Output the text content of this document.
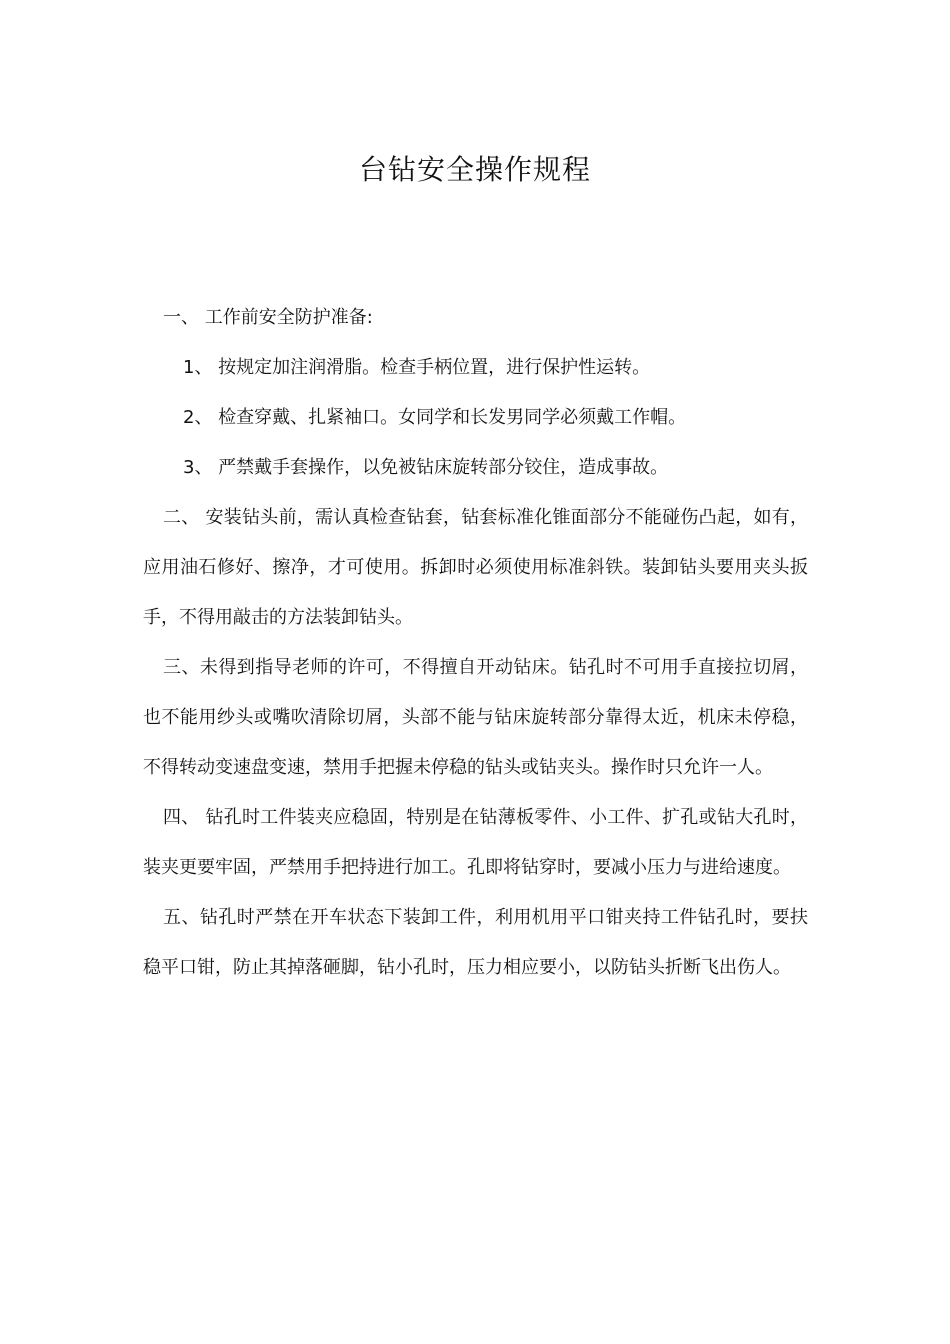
台钻安全操作规程

一、 工作前安全防护准备:

1、 按规定加注润滑脂。检查手柄位置，进行保护性运转。

2、 检查穿戴、扎紧袖口。女同学和长发男同学必须戴工作帽。

3、 严禁戴手套操作，以免被钻床旋转部分铰住，造成事故。

二、 安装钻头前，需认真检查钻套，钻套标准化锥面部分不能碰伤凸起，如有，应用油石修好、擦净，才可使用。拆卸时必须使用标准斜铁。装卸钻头要用夹头扳手，不得用敲击的方法装卸钻头。

三、未得到指导老师的许可，不得擅自开动钻床。钻孔时不可用手直接拉切屑，也不能用纱头或嘴吹清除切屑，头部不能与钻床旋转部分靠得太近，机床未停稳，不得转动变速盘变速，禁用手把握未停稳的钻头或钻夹头。操作时只允许一人。

四、 钻孔时工件装夹应稳固，特别是在钻薄板零件、小工件、扩孔或钻大孔时，装夹更要牢固，严禁用手把持进行加工。孔即将钻穿时，要减小压力与进给速度。

五、钻孔时严禁在开车状态下装卸工件，利用机用平口钳夹持工件钻孔时，要扶稳平口钳，防止其掉落砸脚，钻小孔时，压力相应要小，以防钻头折断飞出伤人。
